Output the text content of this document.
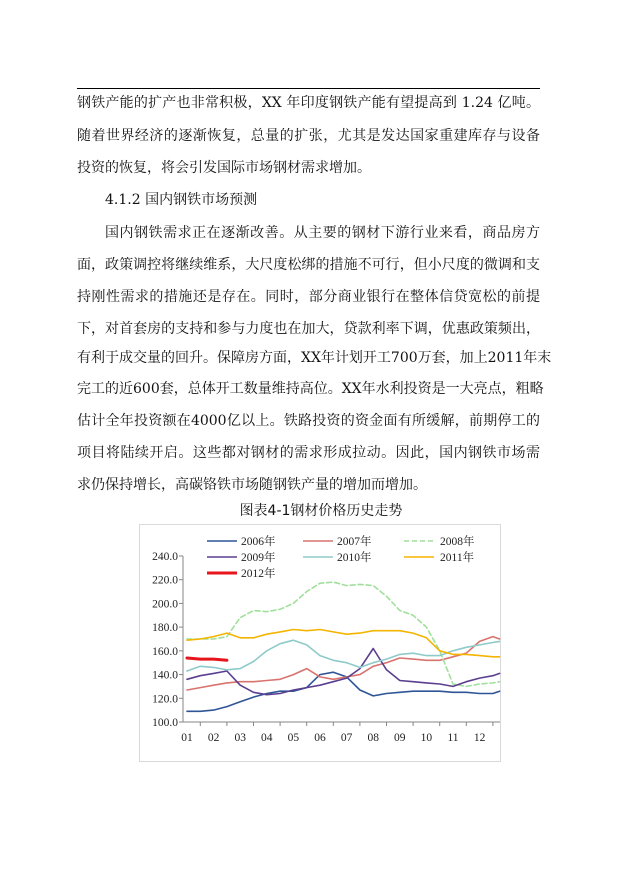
钢铁产能的扩产也非常积极，XX 年印度钢铁产能有望提高到 1.24 亿吨。
随着世界经济的逐渐恢复，总量的扩张，尤其是发达国家重建库存与设备
投资的恢复，将会引发国际市场钢材需求增加。
4.1.2 国内钢铁市场预测
国内钢铁需求正在逐渐改善。从主要的钢材下游行业来看，商品房方
面，政策调控将继续维系，大尺度松绑的措施不可行，但小尺度的微调和支
持刚性需求的措施还是存在。同时，部分商业银行在整体信贷宽松的前提
下，对首套房的支持和参与力度也在加大，贷款利率下调，优惠政策频出，
有利于成交量的回升。保障房方面，XX年计划开工700万套，加上2011年末
完工的近600套，总体开工数量维持高位。XX年水利投资是一大亮点，粗略
估计全年投资额在4000亿以上。铁路投资的资金面有所缓解，前期停工的
项目将陆续开启。这些都对钢材的需求形成拉动。因此，国内钢铁市场需
求仍保持增长，高碳铬铁市场随钢铁产量的增加而增加。
图表4-1钢材价格历史走势
240.0
220.0
200.0
180.0
160.0
140.0
120.0
100.0
01 02 03 04 05 06 07 08 09 10 11 12
2006年	2007年	2008年
2009年	2010年	2011年
2012年
